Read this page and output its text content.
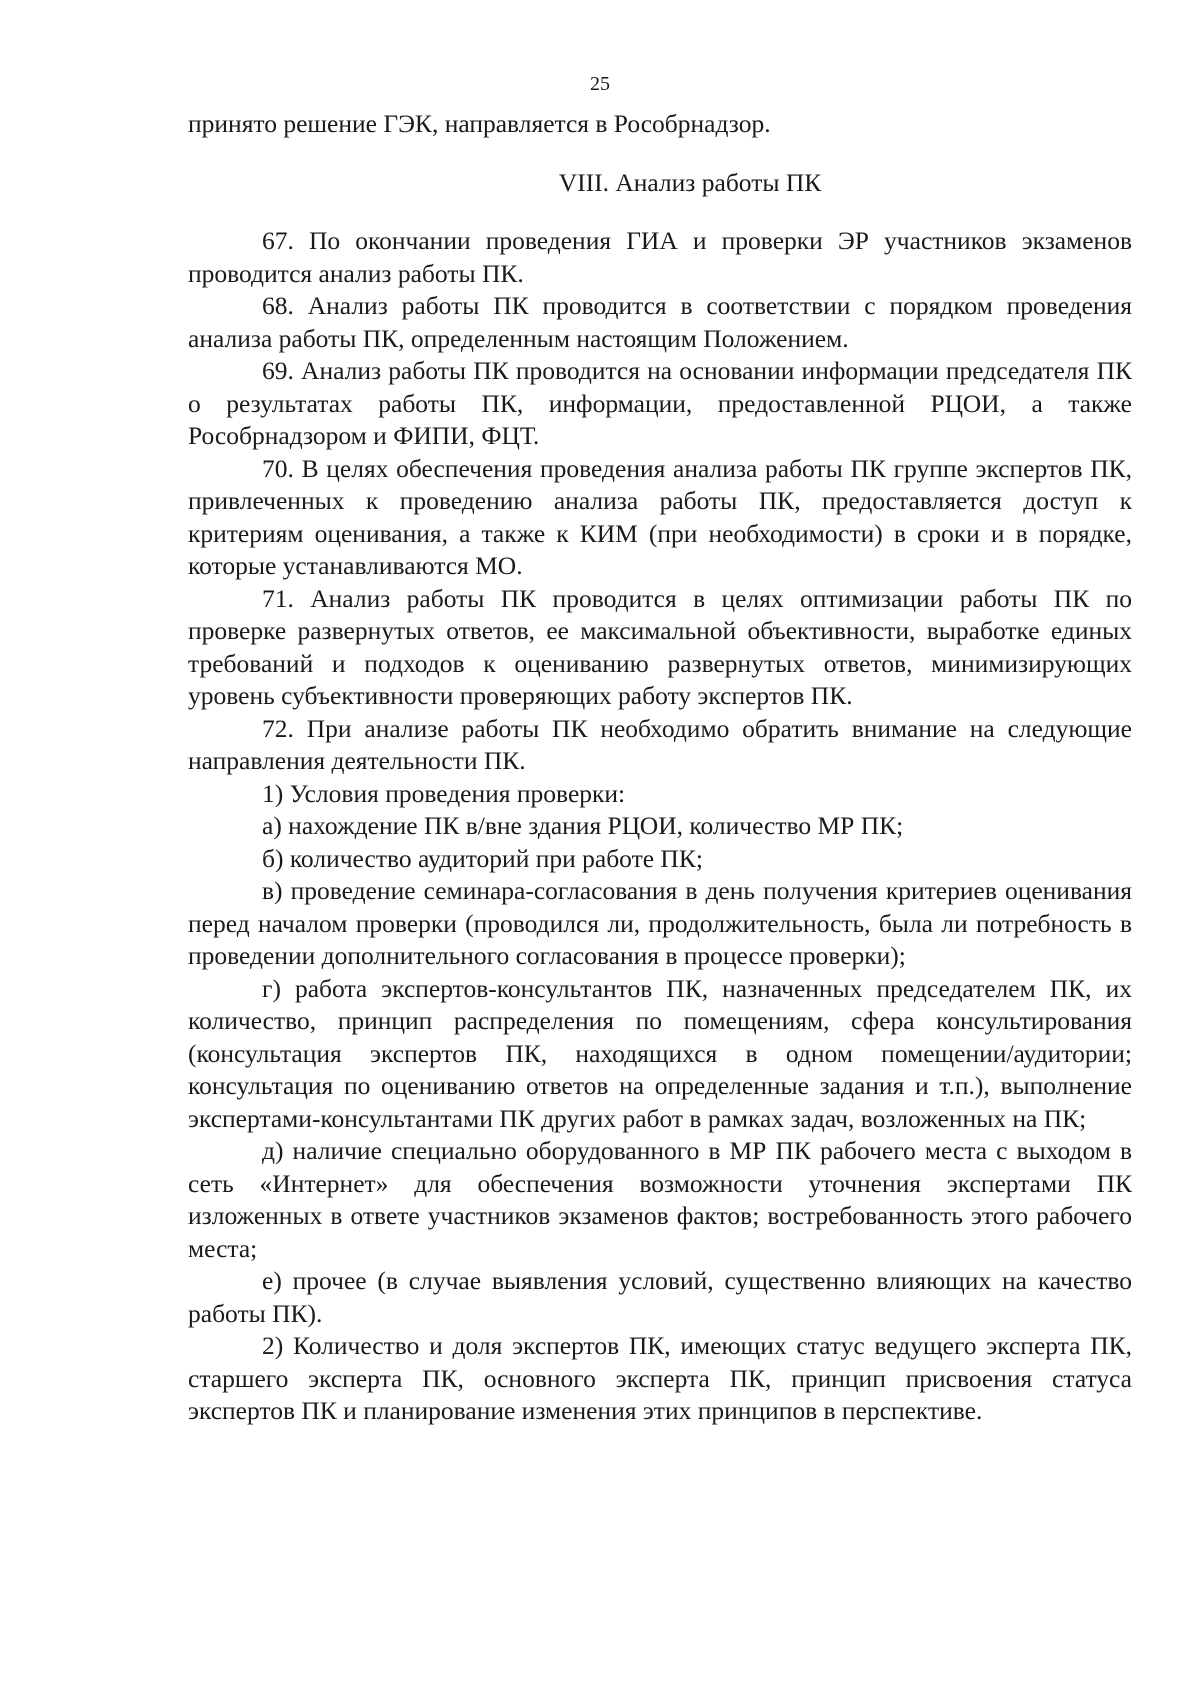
25

принято решение ГЭК, направляется в Рособрнадзор.

VIII. Анализ работы ПК

67. По окончании проведения ГИА и проверки ЭР участников экзаменов проводится анализ работы ПК.

68. Анализ работы ПК проводится в соответствии с порядком проведения анализа работы ПК, определенным настоящим Положением.

69. Анализ работы ПК проводится на основании информации председателя ПК о результатах работы ПК, информации, предоставленной РЦОИ, а также Рособрнадзором и ФИПИ, ФЦТ.

70. В целях обеспечения проведения анализа работы ПК группе экспертов ПК, привлеченных к проведению анализа работы ПК, предоставляется доступ к критериям оценивания, а также к КИМ (при необходимости) в сроки и в порядке, которые устанавливаются МО.

71. Анализ работы ПК проводится в целях оптимизации работы ПК по проверке развернутых ответов, ее максимальной объективности, выработке единых требований и подходов к оцениванию развернутых ответов, минимизирующих уровень субъективности проверяющих работу экспертов ПК.

72. При анализе работы ПК необходимо обратить внимание на следующие направления деятельности ПК.

1) Условия проведения проверки:

а) нахождение ПК в/вне здания РЦОИ, количество МР ПК;

б) количество аудиторий при работе ПК;

в) проведение семинара-согласования в день получения критериев оценивания перед началом проверки (проводился ли, продолжительность, была ли потребность в проведении дополнительного согласования в процессе проверки);

г) работа экспертов-консультантов ПК, назначенных председателем ПК, их количество, принцип распределения по помещениям, сфера консультирования (консультация экспертов ПК, находящихся в одном помещении/аудитории; консультация по оцениванию ответов на определенные задания и т.п.), выполнение экспертами-консультантами ПК других работ в рамках задач, возложенных на ПК;

д) наличие специально оборудованного в МР ПК рабочего места с выходом в сеть «Интернет» для обеспечения возможности уточнения экспертами ПК изложенных в ответе участников экзаменов фактов; востребованность этого рабочего места;

е) прочее (в случае выявления условий, существенно влияющих на качество работы ПК).

2) Количество и доля экспертов ПК, имеющих статус ведущего эксперта ПК, старшего эксперта ПК, основного эксперта ПК, принцип присвоения статуса экспертов ПК и планирование изменения этих принципов в перспективе.
